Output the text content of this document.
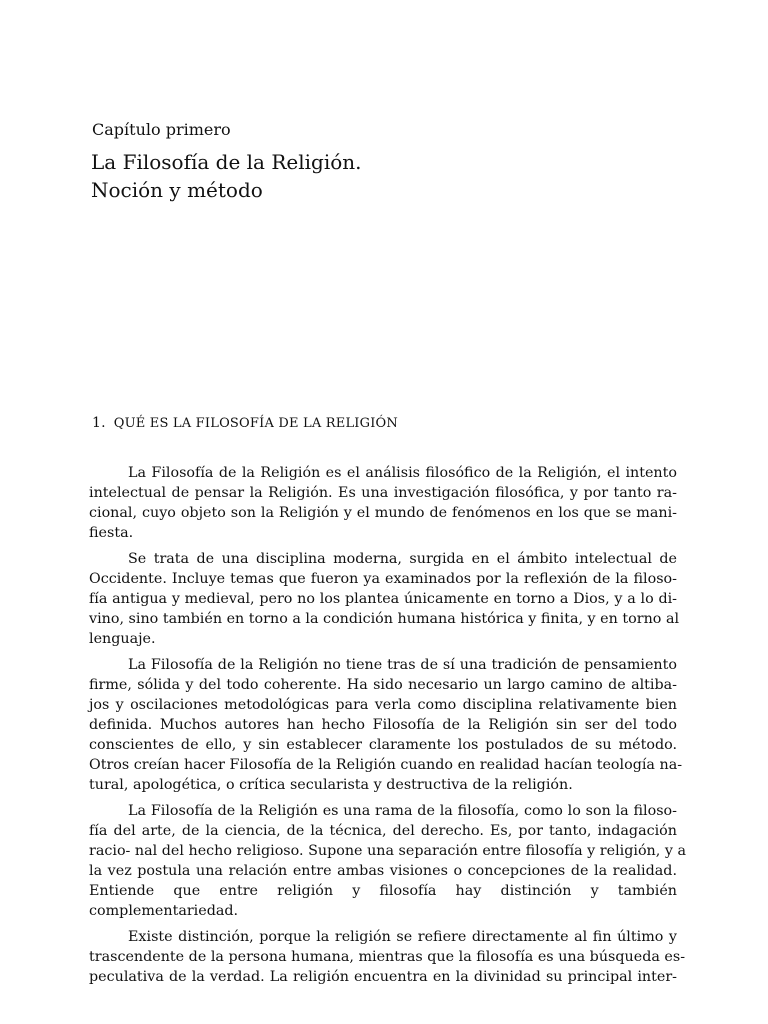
Capítulo primero
La Filosofía de la Religión.
Noción y método
1. QUÉ ES LA FILOSOFÍA DE LA RELIGIÓN

La Filosofía de la Religión es el análisis filosófico de la Religión, el intento
intelectual de pensar la Religión. Es una investigación filosófica, y por tanto ra-
cional, cuyo objeto son la Religión y el mundo de fenómenos en los que se mani-
fiesta.

Se trata de una disciplina moderna, surgida en el ámbito intelectual de
Occidente. Incluye temas que fueron ya examinados por la reflexión de la filoso-
fía antigua y medieval, pero no los plantea únicamente en torno a Dios, y a lo di-
vino, sino también en torno a la condición humana histórica y finita, y en torno al
lenguaje.

La Filosofía de la Religión no tiene tras de sí una tradición de pensamiento
firme, sólida y del todo coherente. Ha sido necesario un largo camino de altiba-
jos y oscilaciones metodológicas para verla como disciplina relativamente bien
definida. Muchos autores han hecho Filosofía de la Religión sin ser del todo
conscientes de ello, y sin establecer claramente los postulados de su método.
Otros creían hacer Filosofía de la Religión cuando en realidad hacían teología na-
tural, apologética, o crítica secularista y destructiva de la religión.

La Filosofía de la Religión es una rama de la filosofía, como lo son la filoso-
fía del arte, de la ciencia, de la técnica, del derecho. Es, por tanto, indagación
racio- nal del hecho religioso. Supone una separación entre filosofía y religión, y a
la vez postula una relación entre ambas visiones o concepciones de la realidad.
Entiende que entre religión y filosofía hay distinción y también
complementariedad.

Existe distinción, porque la religión se refiere directamente al fin último y
trascendente de la persona humana, mientras que la filosofía es una búsqueda es-
peculativa de la verdad. La religión encuentra en la divinidad su principal inter-
